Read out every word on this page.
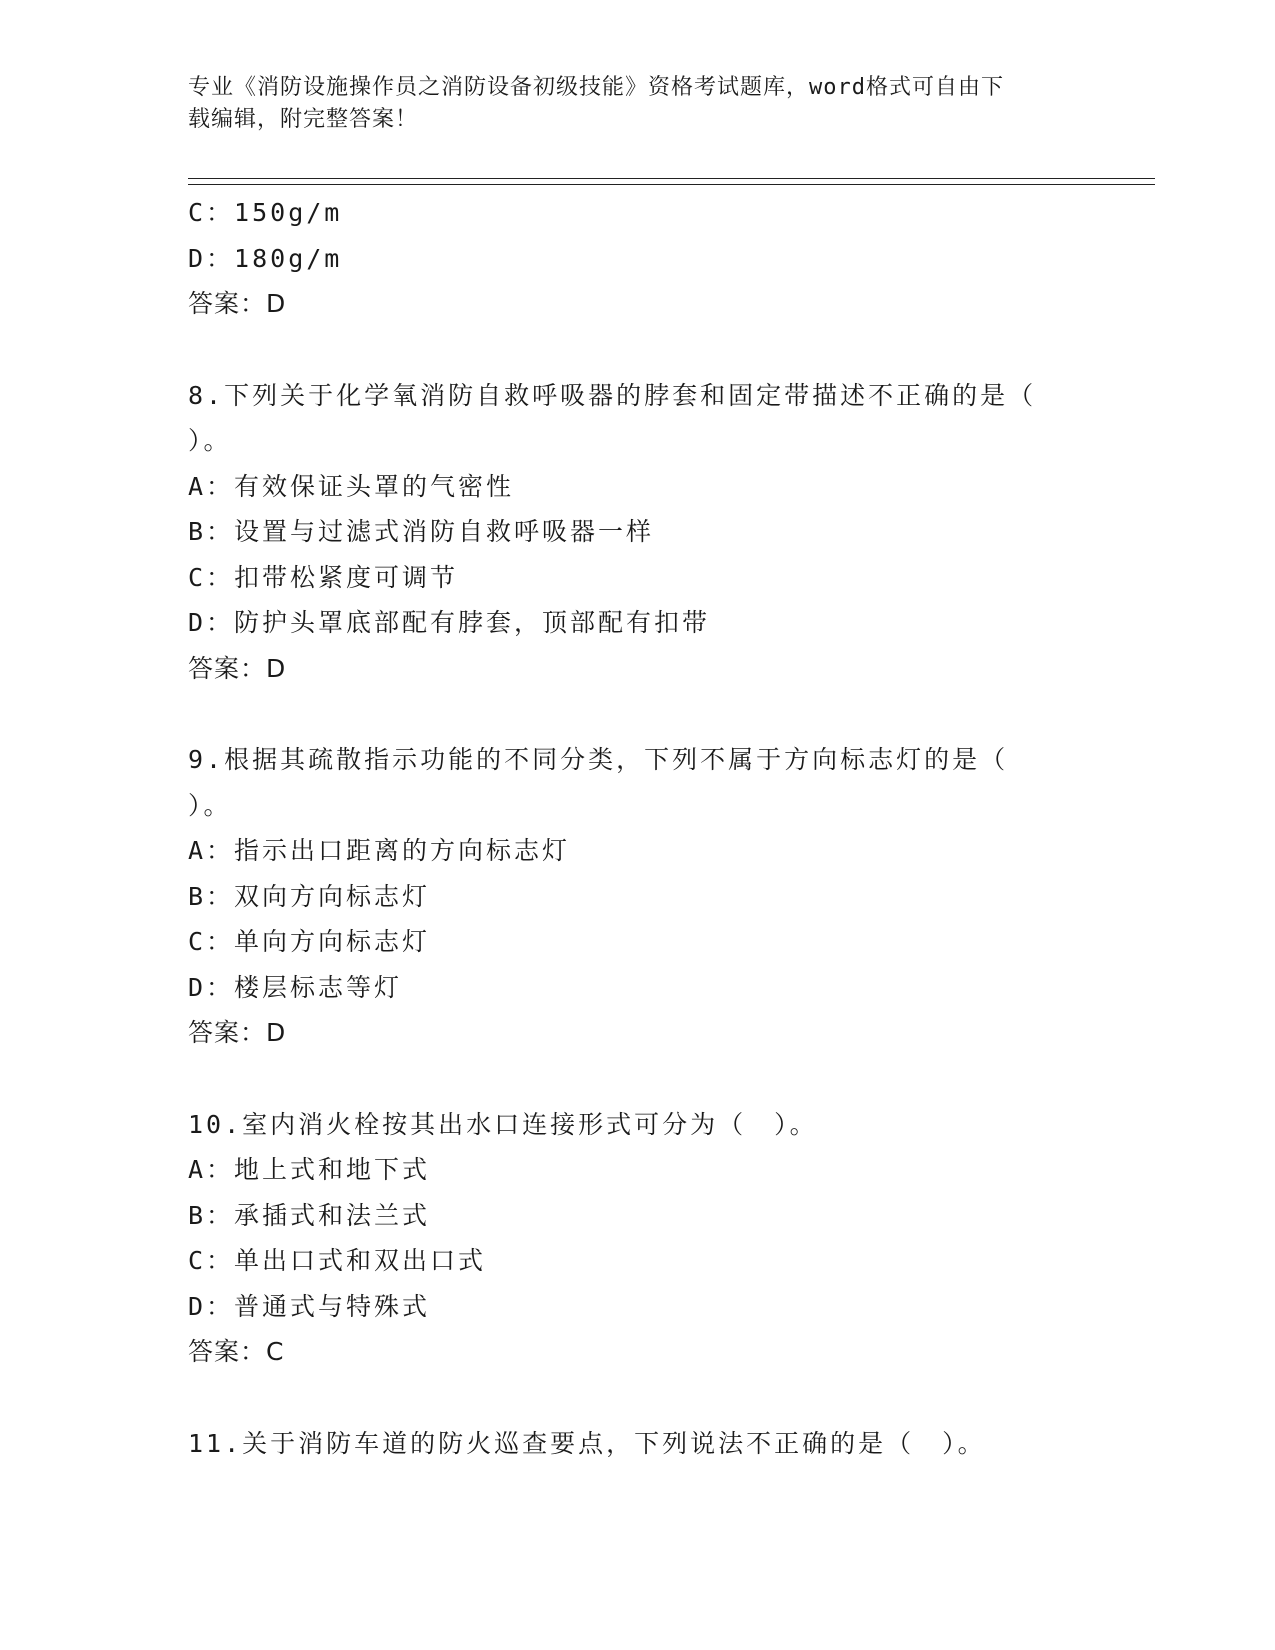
专业《消防设施操作员之消防设备初级技能》资格考试题库，word格式可自由下
载编辑，附完整答案！
C：150g/m
D：180g/m
答案：D
8.下列关于化学氧消防自救呼吸器的脖套和固定带描述不正确的是（
）。
A：有效保证头罩的气密性
B：设置与过滤式消防自救呼吸器一样
C：扣带松紧度可调节
D：防护头罩底部配有脖套，顶部配有扣带
答案：D
9.根据其疏散指示功能的不同分类，下列不属于方向标志灯的是（
）。
A：指示出口距离的方向标志灯
B：双向方向标志灯
C：单向方向标志灯
D：楼层标志等灯
答案：D
10.室内消火栓按其出水口连接形式可分为（　）。
A：地上式和地下式
B：承插式和法兰式
C：单出口式和双出口式
D：普通式与特殊式
答案：C
11.关于消防车道的防火巡查要点，下列说法不正确的是（　）。
